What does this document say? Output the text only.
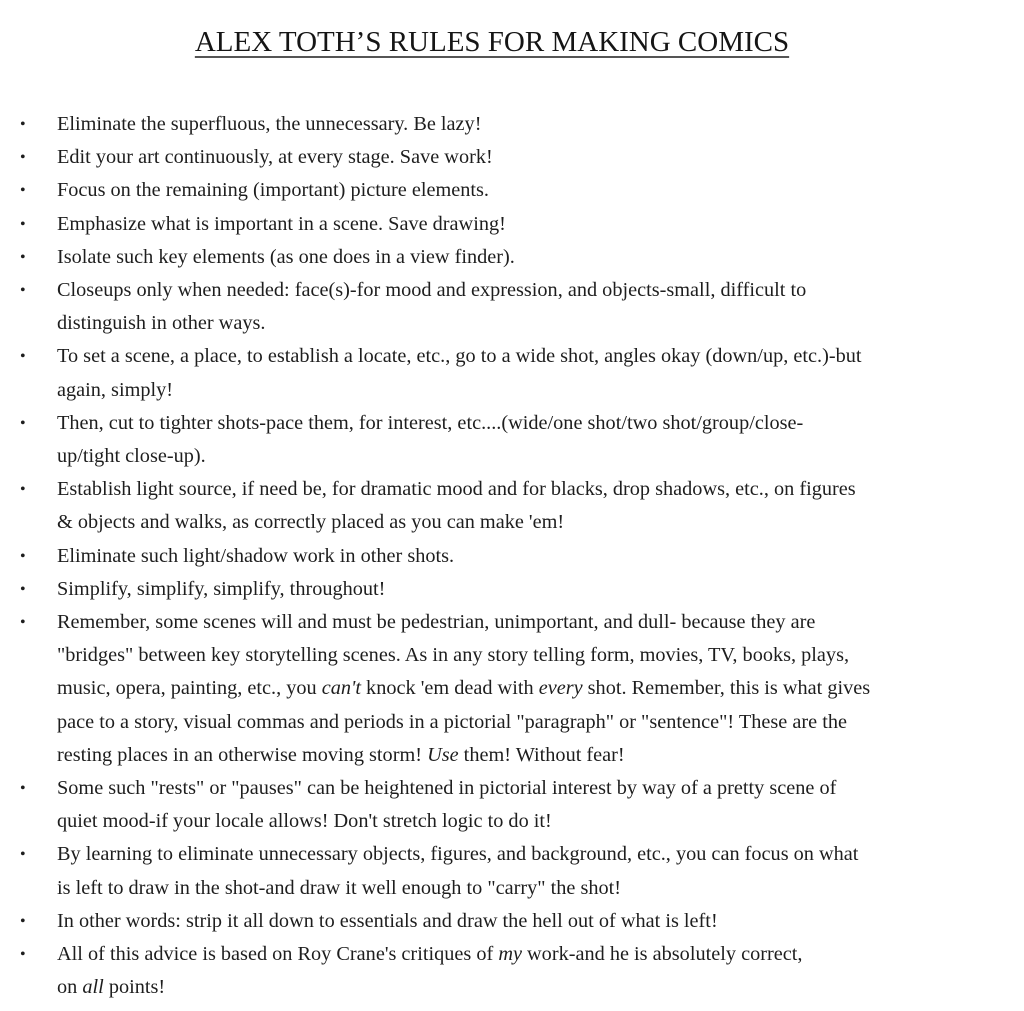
ALEX TOTH’S RULES FOR MAKING COMICS
•	Eliminate the superfluous, the unnecessary. Be lazy!
•	Edit your art continuously, at every stage. Save work!
•	Focus on the remaining (important) picture elements.
•	Emphasize what is important in a scene. Save drawing!
•	Isolate such key elements (as one does in a view finder).
•	Closeups only when needed: face(s)-for mood and expression, and objects-small, difficult to
distinguish in other ways.
•	To set a scene, a place, to establish a locate, etc., go to a wide shot, angles okay (down/up, etc.)-but
again, simply!
•	Then, cut to tighter shots-pace them, for interest, etc....(wide/one shot/two shot/group/close-
up/tight close-up).
•	Establish light source, if need be, for dramatic mood and for blacks, drop shadows, etc., on figures
& objects and walks, as correctly placed as you can make 'em!
•	Eliminate such light/shadow work in other shots.
•	Simplify, simplify, simplify, throughout!
•	Remember, some scenes will and must be pedestrian, unimportant, and dull- because they are
"bridges" between key storytelling scenes. As in any story telling form, movies, TV, books, plays,
music, opera, painting, etc., you can't knock 'em dead with every shot. Remember, this is what gives
pace to a story, visual commas and periods in a pictorial "paragraph" or "sentence"! These are the
resting places in an otherwise moving storm! Use them! Without fear!
•	Some such "rests" or "pauses" can be heightened in pictorial interest by way of a pretty scene of
quiet mood-if your locale allows! Don't stretch logic to do it!
•	By learning to eliminate unnecessary objects, figures, and background, etc., you can focus on what
is left to draw in the shot-and draw it well enough to "carry" the shot!
•	In other words: strip it all down to essentials and draw the hell out of what is left!
•	All of this advice is based on Roy Crane's critiques of my work-and he is absolutely correct,
on all points!
